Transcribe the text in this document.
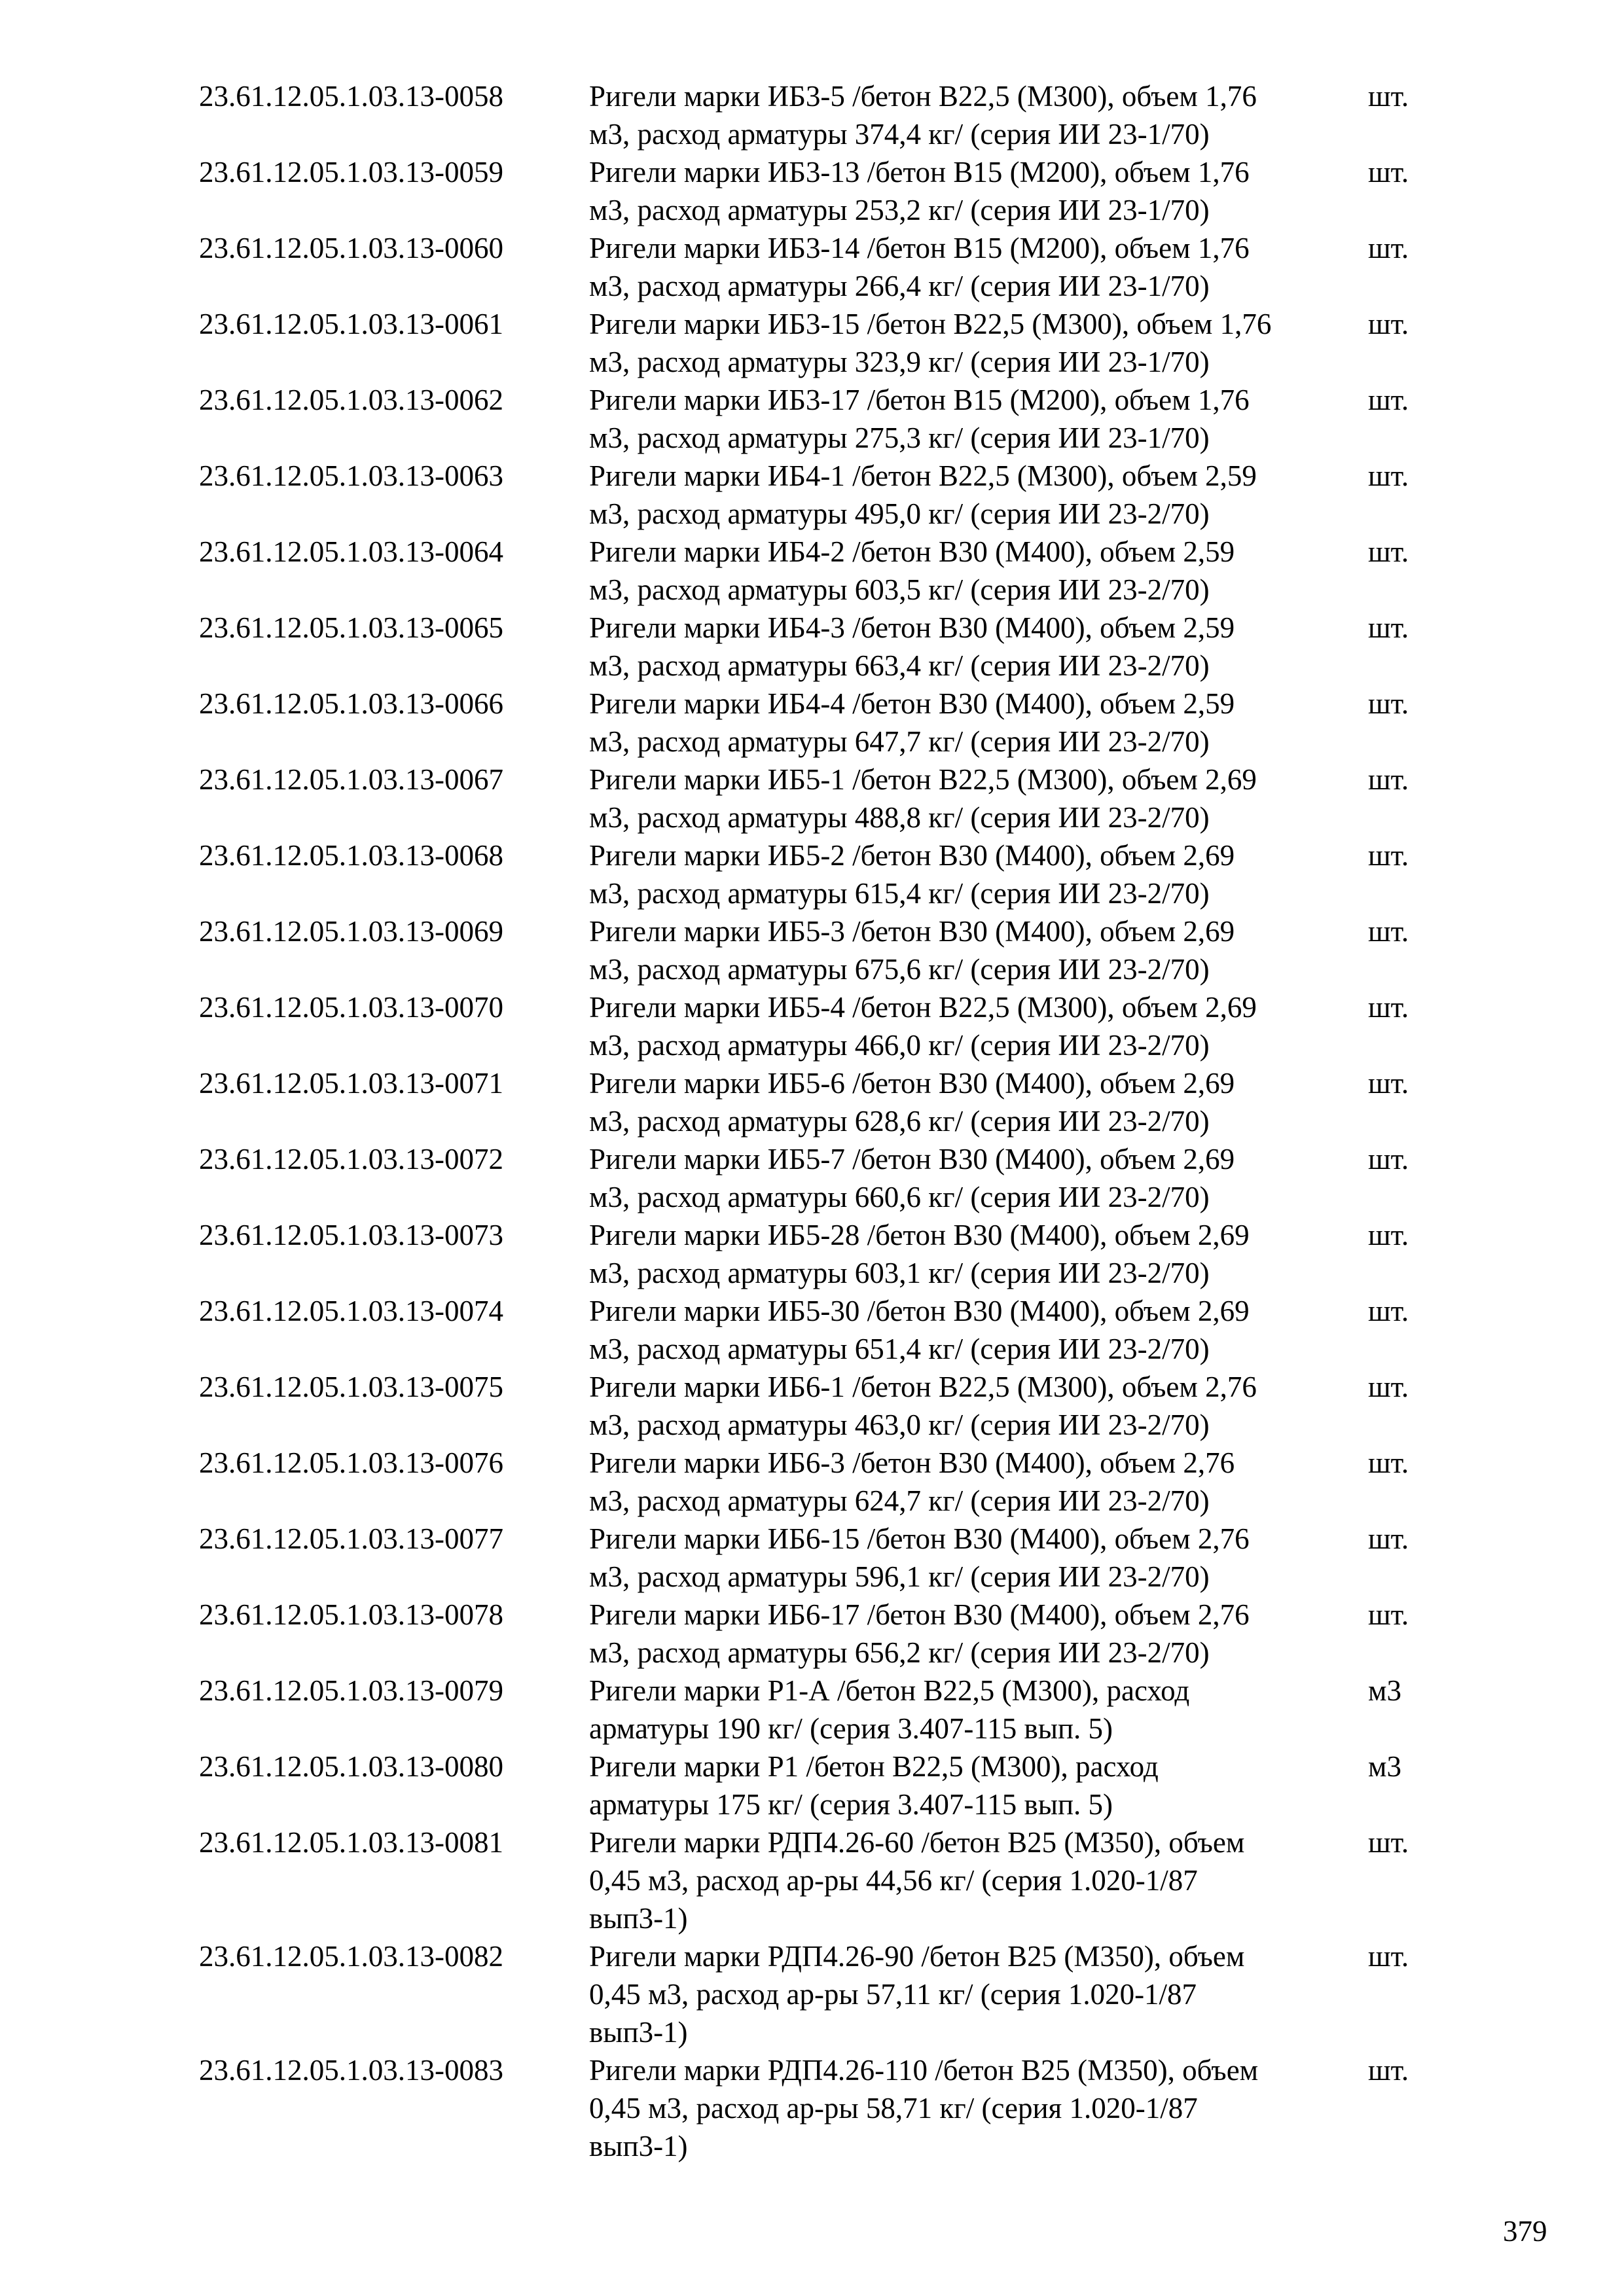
23.61.12.05.1.03.13-0058	Ригели марки ИБ3-5 /бетон В22,5 (М300), объем 1,76
м3, расход арматуры 374,4 кг/ (серия ИИ 23-1/70)
шт.
23.61.12.05.1.03.13-0059	Ригели марки ИБ3-13 /бетон В15 (М200), объем 1,76
м3, расход арматуры 253,2 кг/ (серия ИИ 23-1/70)
шт.
23.61.12.05.1.03.13-0060	Ригели марки ИБ3-14 /бетон В15 (М200), объем 1,76
м3, расход арматуры 266,4 кг/ (серия ИИ 23-1/70)
шт.
23.61.12.05.1.03.13-0061	Ригели марки ИБ3-15 /бетон В22,5 (М300), объем 1,76
м3, расход арматуры 323,9 кг/ (серия ИИ 23-1/70)
шт.
23.61.12.05.1.03.13-0062	Ригели марки ИБ3-17 /бетон В15 (М200), объем 1,76
м3, расход арматуры 275,3 кг/ (серия ИИ 23-1/70)
шт.
23.61.12.05.1.03.13-0063	Ригели марки ИБ4-1 /бетон В22,5 (М300), объем 2,59
м3, расход арматуры 495,0 кг/ (серия ИИ 23-2/70)
шт.
23.61.12.05.1.03.13-0064	Ригели марки ИБ4-2 /бетон В30 (М400), объем 2,59
м3, расход арматуры 603,5 кг/ (серия ИИ 23-2/70)
шт.
23.61.12.05.1.03.13-0065	Ригели марки ИБ4-3 /бетон В30 (М400), объем 2,59
м3, расход арматуры 663,4 кг/ (серия ИИ 23-2/70)
шт.
23.61.12.05.1.03.13-0066	Ригели марки ИБ4-4 /бетон В30 (М400), объем 2,59
м3, расход арматуры 647,7 кг/ (серия ИИ 23-2/70)
шт.
23.61.12.05.1.03.13-0067	Ригели марки ИБ5-1 /бетон В22,5 (М300), объем 2,69
м3, расход арматуры 488,8 кг/ (серия ИИ 23-2/70)
шт.
23.61.12.05.1.03.13-0068	Ригели марки ИБ5-2 /бетон В30 (М400), объем 2,69
м3, расход арматуры 615,4 кг/ (серия ИИ 23-2/70)
шт.
23.61.12.05.1.03.13-0069	Ригели марки ИБ5-3 /бетон В30 (М400), объем 2,69
м3, расход арматуры 675,6 кг/ (серия ИИ 23-2/70)
шт.
23.61.12.05.1.03.13-0070	Ригели марки ИБ5-4 /бетон В22,5 (М300), объем 2,69
м3, расход арматуры 466,0 кг/ (серия ИИ 23-2/70)
шт.
23.61.12.05.1.03.13-0071	Ригели марки ИБ5-6 /бетон В30 (М400), объем 2,69
м3, расход арматуры 628,6 кг/ (серия ИИ 23-2/70)
шт.
23.61.12.05.1.03.13-0072	Ригели марки ИБ5-7 /бетон В30 (М400), объем 2,69
м3, расход арматуры 660,6 кг/ (серия ИИ 23-2/70)
шт.
23.61.12.05.1.03.13-0073	Ригели марки ИБ5-28 /бетон В30 (М400), объем 2,69
м3, расход арматуры 603,1 кг/ (серия ИИ 23-2/70)
шт.
23.61.12.05.1.03.13-0074	Ригели марки ИБ5-30 /бетон В30 (М400), объем 2,69
м3, расход арматуры 651,4 кг/ (серия ИИ 23-2/70)
шт.
23.61.12.05.1.03.13-0075	Ригели марки ИБ6-1 /бетон В22,5 (М300), объем 2,76
м3, расход арматуры 463,0 кг/ (серия ИИ 23-2/70)
шт.
23.61.12.05.1.03.13-0076	Ригели марки ИБ6-3 /бетон В30 (М400), объем 2,76
м3, расход арматуры 624,7 кг/ (серия ИИ 23-2/70)
шт.
23.61.12.05.1.03.13-0077	Ригели марки ИБ6-15 /бетон В30 (М400), объем 2,76
м3, расход арматуры 596,1 кг/ (серия ИИ 23-2/70)
шт.
23.61.12.05.1.03.13-0078	Ригели марки ИБ6-17 /бетон В30 (М400), объем 2,76
м3, расход арматуры 656,2 кг/ (серия ИИ 23-2/70)
шт.
23.61.12.05.1.03.13-0079	Ригели марки Р1-А /бетон В22,5 (М300), расход
арматуры 190 кг/ (серия 3.407-115 вып. 5)
м3
23.61.12.05.1.03.13-0080	Ригели марки Р1 /бетон В22,5 (М300), расход
арматуры 175 кг/ (серия 3.407-115 вып. 5)
м3
23.61.12.05.1.03.13-0081	Ригели марки РДП4.26-60 /бетон В25 (М350), объем
0,45 м3, расход ар-ры 44,56 кг/ (серия 1.020-1/87
вып3-1)
шт.
23.61.12.05.1.03.13-0082	Ригели марки РДП4.26-90 /бетон В25 (М350), объем
0,45 м3, расход ар-ры 57,11 кг/ (серия 1.020-1/87
вып3-1)
шт.
23.61.12.05.1.03.13-0083	Ригели марки РДП4.26-110 /бетон В25 (М350), объем
0,45 м3, расход ар-ры 58,71 кг/ (серия 1.020-1/87
вып3-1)
шт.
379
